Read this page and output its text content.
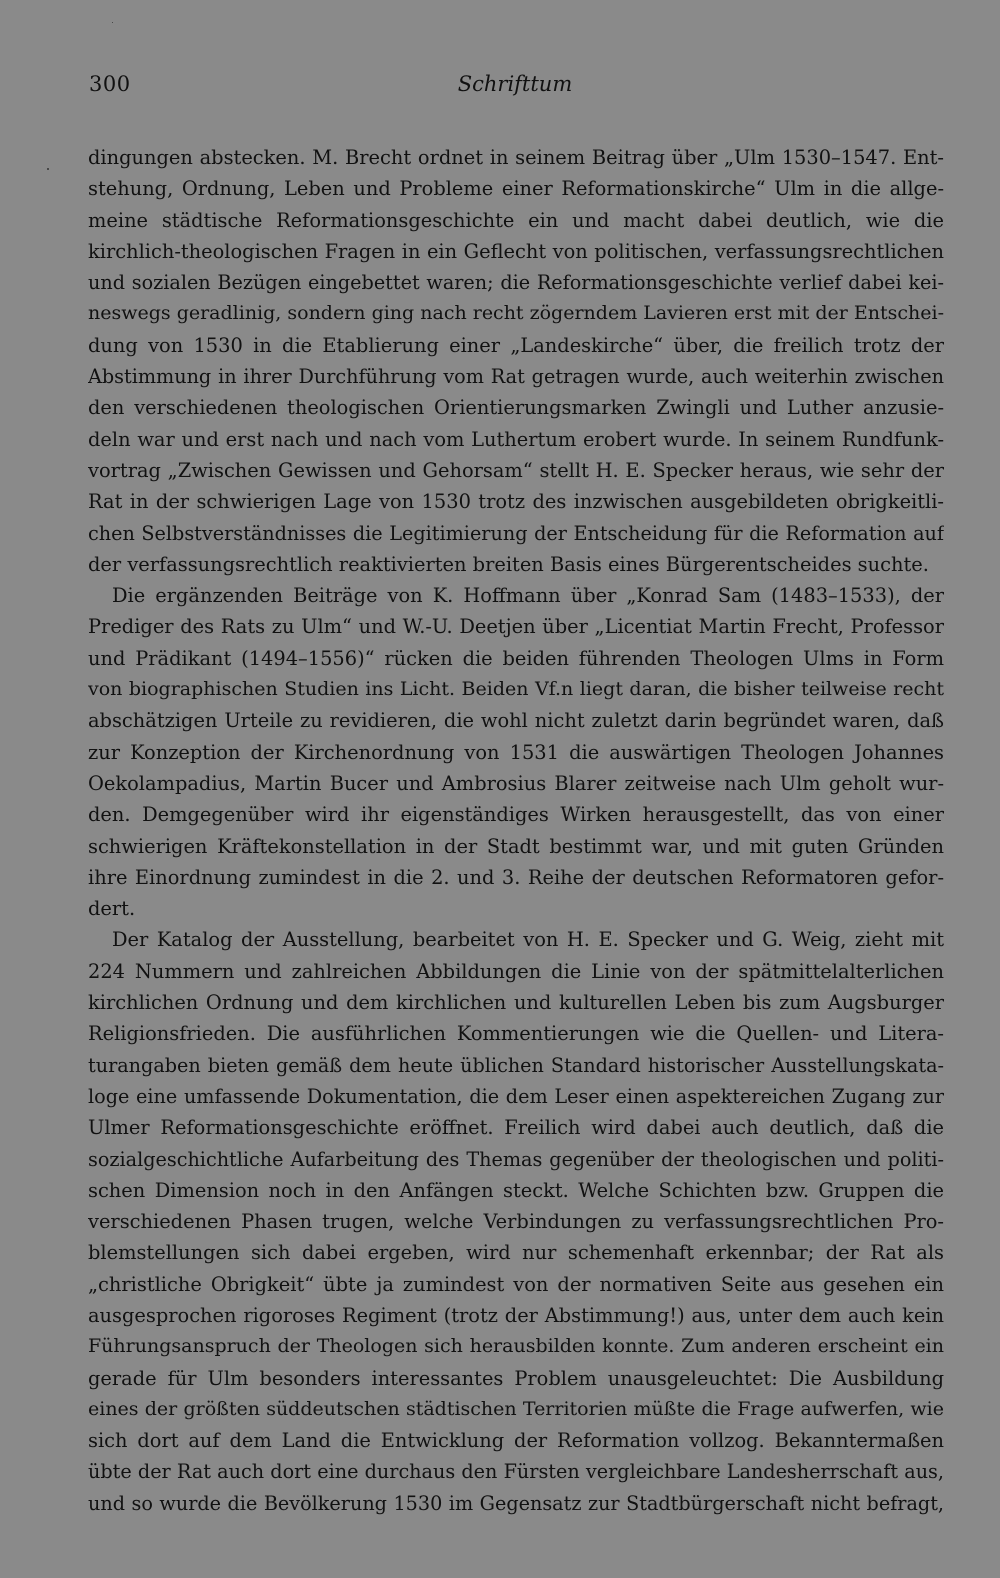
300	Schrifttum
dingungen abstecken. M. Brecht ordnet in seinem Beitrag über „Ulm 1530–1547. Ent-
stehung, Ordnung, Leben und Probleme einer Reformationskirche“ Ulm in die allge-
meine städtische Reformationsgeschichte ein und macht dabei deutlich, wie die
kirchlich-theologischen Fragen in ein Geflecht von politischen, verfassungsrechtlichen
und sozialen Bezügen eingebettet waren; die Reformationsgeschichte verlief dabei kei-
neswegs geradlinig, sondern ging nach recht zögerndem Lavieren erst mit der Entschei-
dung von 1530 in die Etablierung einer „Landeskirche“ über, die freilich trotz der
Abstimmung in ihrer Durchführung vom Rat getragen wurde, auch weiterhin zwischen
den verschiedenen theologischen Orientierungsmarken Zwingli und Luther anzusie-
deln war und erst nach und nach vom Luthertum erobert wurde. In seinem Rundfunk-
vortrag „Zwischen Gewissen und Gehorsam“ stellt H. E. Specker heraus, wie sehr der
Rat in der schwierigen Lage von 1530 trotz des inzwischen ausgebildeten obrigkeitli-
chen Selbstverständnisses die Legitimierung der Entscheidung für die Reformation auf
der verfassungsrechtlich reaktivierten breiten Basis eines Bürgerentscheides suchte.
Die ergänzenden Beiträge von K. Hoffmann über „Konrad Sam (1483–1533), der
Prediger des Rats zu Ulm“ und W.-U. Deetjen über „Licentiat Martin Frecht, Professor
und Prädikant (1494–1556)“ rücken die beiden führenden Theologen Ulms in Form
von biographischen Studien ins Licht. Beiden Vf.n liegt daran, die bisher teilweise recht
abschätzigen Urteile zu revidieren, die wohl nicht zuletzt darin begründet waren, daß
zur Konzeption der Kirchenordnung von 1531 die auswärtigen Theologen Johannes
Oekolampadius, Martin Bucer und Ambrosius Blarer zeitweise nach Ulm geholt wur-
den. Demgegenüber wird ihr eigenständiges Wirken herausgestellt, das von einer
schwierigen Kräftekonstellation in der Stadt bestimmt war, und mit guten Gründen
ihre Einordnung zumindest in die 2. und 3. Reihe der deutschen Reformatoren gefor-
dert.
Der Katalog der Ausstellung, bearbeitet von H. E. Specker und G. Weig, zieht mit
224 Nummern und zahlreichen Abbildungen die Linie von der spätmittelalterlichen
kirchlichen Ordnung und dem kirchlichen und kulturellen Leben bis zum Augsburger
Religionsfrieden. Die ausführlichen Kommentierungen wie die Quellen- und Litera-
turangaben bieten gemäß dem heute üblichen Standard historischer Ausstellungskata-
loge eine umfassende Dokumentation, die dem Leser einen aspektereichen Zugang zur
Ulmer Reformationsgeschichte eröffnet. Freilich wird dabei auch deutlich, daß die
sozialgeschichtliche Aufarbeitung des Themas gegenüber der theologischen und politi-
schen Dimension noch in den Anfängen steckt. Welche Schichten bzw. Gruppen die
verschiedenen Phasen trugen, welche Verbindungen zu verfassungsrechtlichen Pro-
blemstellungen sich dabei ergeben, wird nur schemenhaft erkennbar; der Rat als
„christliche Obrigkeit“ übte ja zumindest von der normativen Seite aus gesehen ein
ausgesprochen rigoroses Regiment (trotz der Abstimmung!) aus, unter dem auch kein
Führungsanspruch der Theologen sich herausbilden konnte. Zum anderen erscheint ein
gerade für Ulm besonders interessantes Problem unausgeleuchtet: Die Ausbildung
eines der größten süddeutschen städtischen Territorien müßte die Frage aufwerfen, wie
sich dort auf dem Land die Entwicklung der Reformation vollzog. Bekanntermaßen
übte der Rat auch dort eine durchaus den Fürsten vergleichbare Landesherrschaft aus,
und so wurde die Bevölkerung 1530 im Gegensatz zur Stadtbürgerschaft nicht befragt,
